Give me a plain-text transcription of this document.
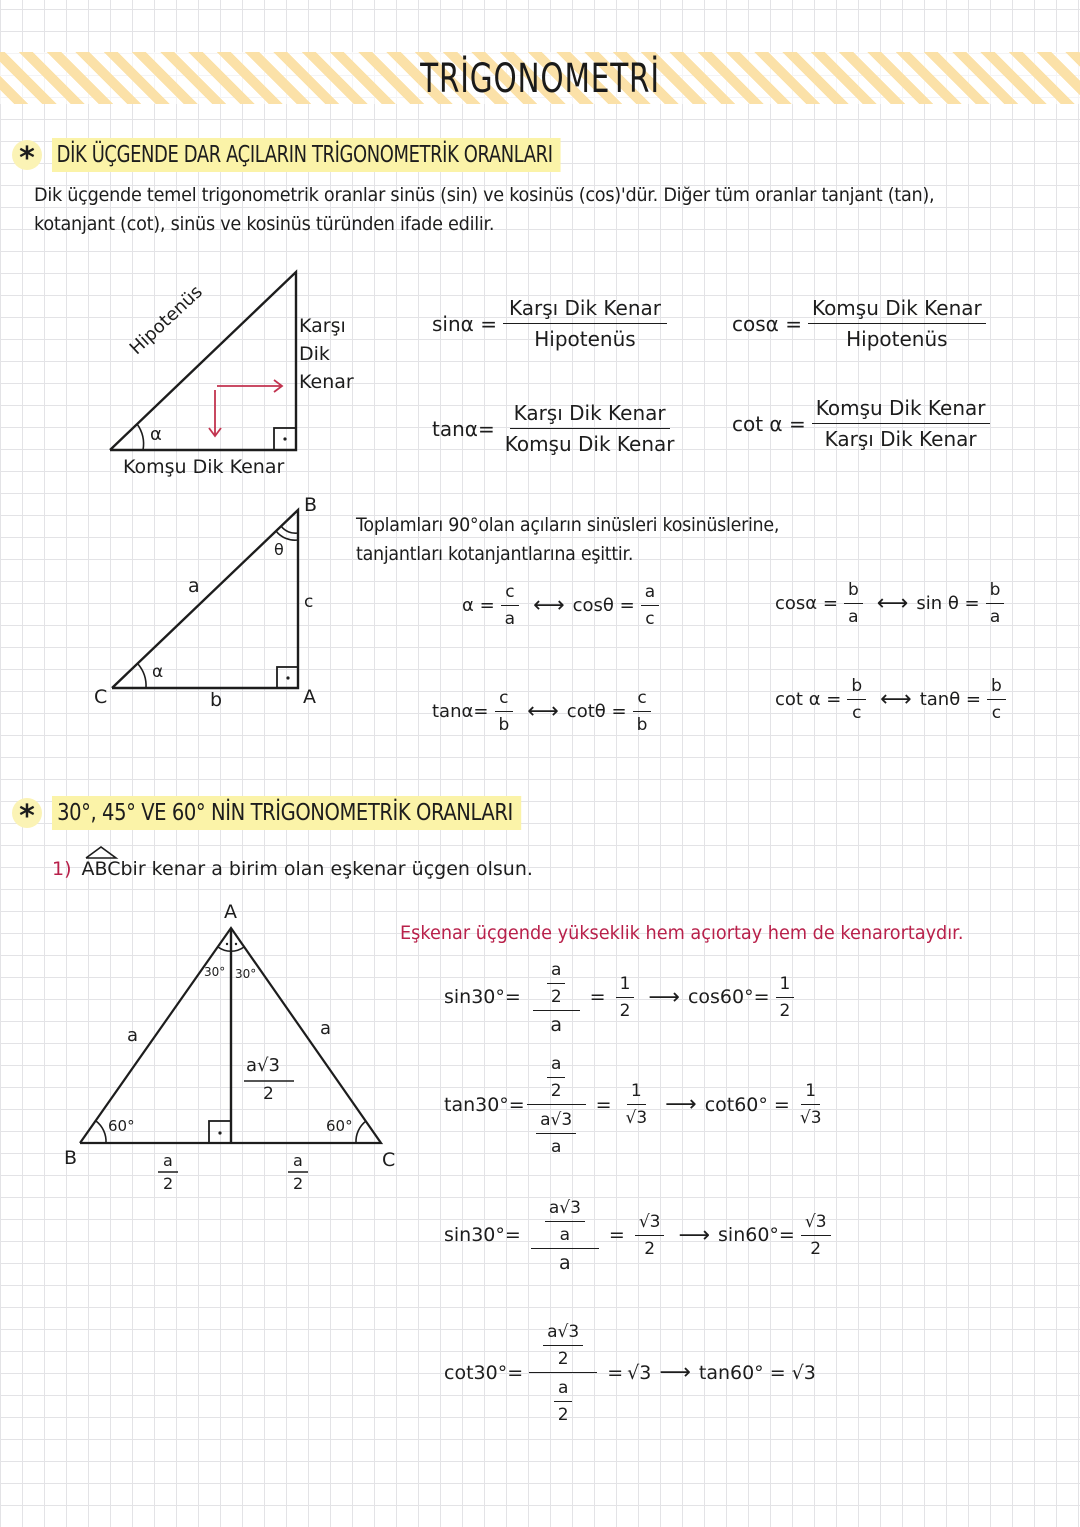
TRİGONOMETRİ
* DİK ÜÇGENDE DAR AÇILARIN TRİGONOMETRİK ORANLARI
Dik üçgende temel trigonometrik oranlar sinüs (sin) ve kosinüs (cos)'dür. Diğer tüm oranlar tanjant (tan),
kotanjant (cot), sinüs ve kosinüs türünden ifade edilir.
Hipotenüs	Karşı
Dik
Kenar
α
Komşu Dik Kenar
$\sin\alpha = \frac{\text{Karşı Dik Kenar}}{\text{Hipotenüs}}$	$\cos\alpha = \frac{\text{Komşu Dik Kenar}}{\text{Hipotenüs}}$
$\tan\alpha= \frac{\text{Karşı Dik Kenar}}{\text{Komşu Dik Kenar}}$	$\cot \alpha = \frac{\text{Komşu Dik Kenar}}{\text{Karşı Dik Kenar}}$
B
C	A
a
c
b
α
θ
Toplamları 90°olan açıların sinüsleri kosinüslerine,
tanjantları kotanjantlarına eşittir.
$\alpha = \frac{c}{a}$ ⟷ $\cos\theta = \frac{a}{c}$	$\cos\alpha = \frac{b}{a}$ ⟷ $\sin \theta = \frac{b}{a}$
$\tan\alpha= \frac{c}{b}$ ⟷ $\cot\theta = \frac{c}{b}$	$\cot \alpha = \frac{b}{c}$ ⟷ $\tan\theta = \frac{b}{c}$
* 30°, 45° VE 60° NİN TRİGONOMETRİK ORANLARI
1) ABC bir kenar a birim olan eşkenar üçgen olsun.
Eşkenar üçgende yükseklik hem açıortay hem de kenarortaydır.
A
B	C
a	a
30° 30°
60°	60°
a√3
2
a
2
a
2
$\sin 30^\circ= \frac{\frac{a}{2}}{a} = \frac{1}{2}$ ⟶ $\cos 60^\circ= \frac{1}{2}$
$\tan 30^\circ= \frac{\frac{a}{2}}{\frac{a√3}{a}} = \frac{1}{√3}$ ⟶ $\cot 60^\circ = \frac{1}{√3}$
$\sin 30^\circ= \frac{\frac{a√3}{a}}{a} = \frac{√3}{2}$ ⟶ $\sin 60^\circ= \frac{√3}{2}$
$\cot 30^\circ= \frac{\frac{a√3}{2}}{\frac{a}{2}} = √3$ ⟶ tan60° = √3
